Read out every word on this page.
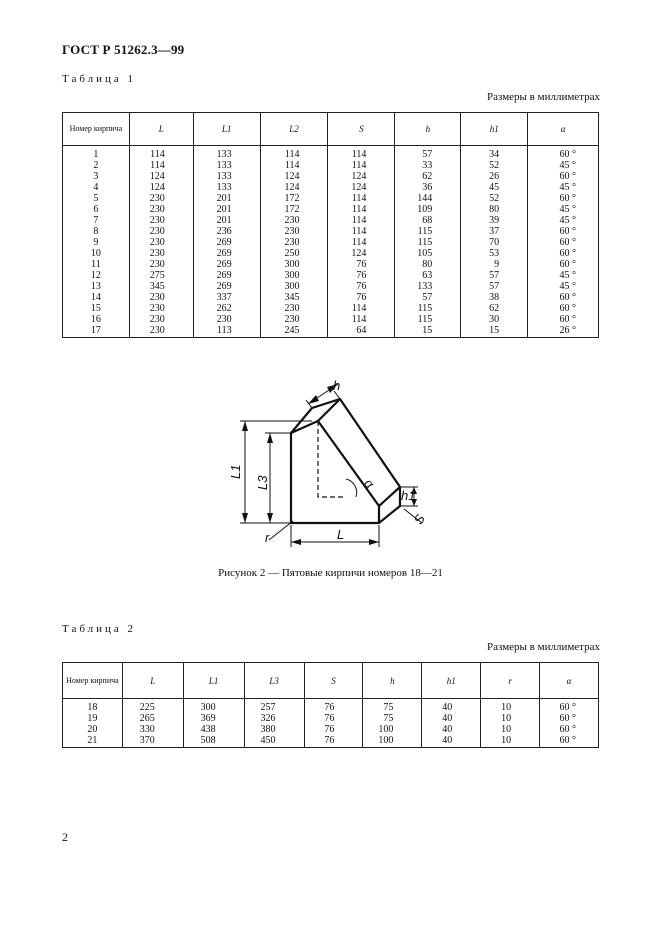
ГОСТ Р 51262.3—99
Таблица 1
Размеры в миллиметрах
Номер кирпича	L	L1	L2	S	h	h1	α
1	114	133	114	114	57	34	60 °
2	114	133	114	114	33	52	45 °
3	124	133	124	124	62	26	60 °
4	124	133	124	124	36	45	45 °
5	230	201	172	114	144	52	60 °
6	230	201	172	114	109	80	45 °
7	230	201	230	114	68	39	45 °
8	230	236	230	114	115	37	60 °
9	230	269	230	114	115	70	60 °
10	230	269	250	124	105	53	60 °
11	230	269	300	76	80	9	60 °
12	275	269	300	76	63	57	45 °
13	345	269	300	76	133	57	45 °
14	230	337	345	76	57	38	60 °
15	230	262	230	114	115	62	60 °
16	230	230	230	114	115	30	60 °
17	230	113	245	64	15	15	26 °
h
L1
L3	α
h1
S
r	L
Рисунок 2 — Пятовые кирпичи номеров 18—21
Таблица 2
Размеры в миллиметрах
Номер кирпича	L	L1	L3	S	h	h1	r	α
18	225	300	257	76	75	40	10	60 °
19	265	369	326	76	75	40	10	60 °
20	330	438	380	76	100	40	10	60 °
21	370	508	450	76	100	40	10	60 °
2
